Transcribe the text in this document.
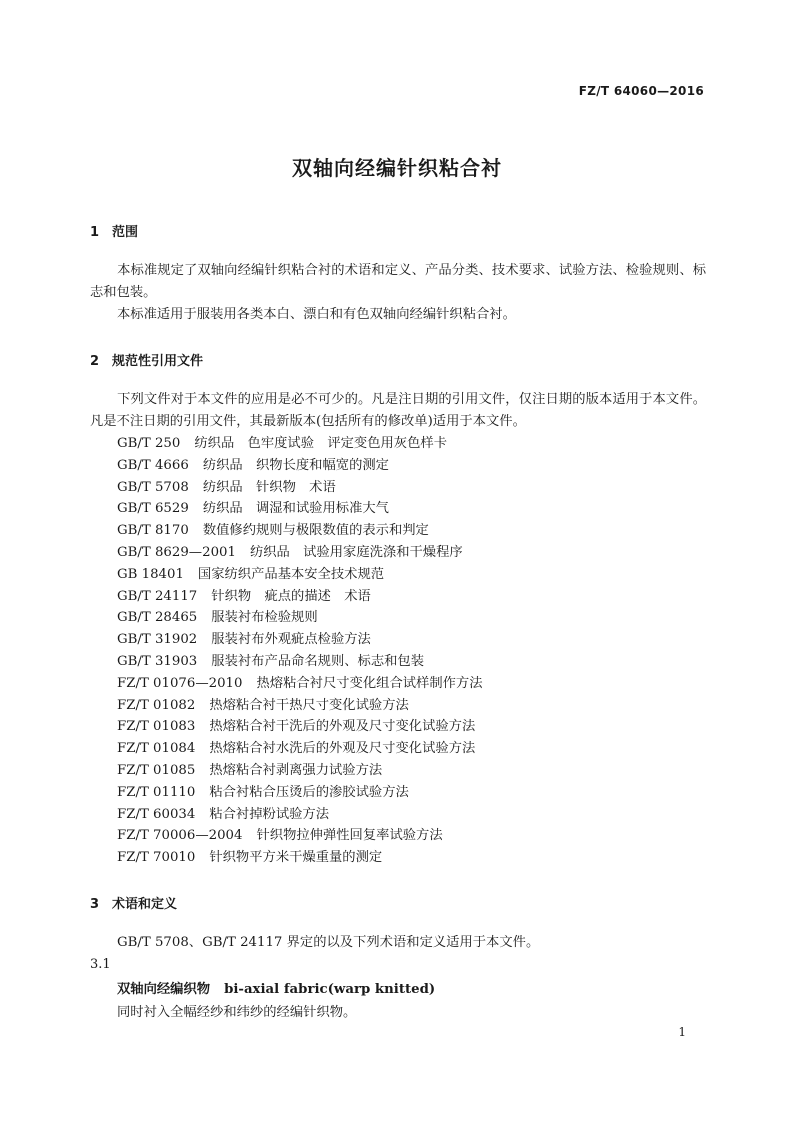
FZ/T 64060—2016
双轴向经编针织粘合衬
1 范围
本标准规定了双轴向经编针织粘合衬的术语和定义、产品分类、技术要求、试验方法、检验规则、标志和包装。
本标准适用于服装用各类本白、漂白和有色双轴向经编针织粘合衬。
2 规范性引用文件
下列文件对于本文件的应用是必不可少的。凡是注日期的引用文件，仅注日期的版本适用于本文件。凡是不注日期的引用文件，其最新版本(包括所有的修改单)适用于本文件。
GB/T 250 纺织品　色牢度试验　评定变色用灰色样卡
GB/T 4666 纺织品　织物长度和幅宽的测定
GB/T 5708 纺织品　针织物　术语
GB/T 6529 纺织品　调湿和试验用标准大气
GB/T 8170 数值修约规则与极限数值的表示和判定
GB/T 8629—2001 纺织品　试验用家庭洗涤和干燥程序
GB 18401 国家纺织产品基本安全技术规范
GB/T 24117 针织物　疵点的描述　术语
GB/T 28465 服装衬布检验规则
GB/T 31902 服装衬布外观疵点检验方法
GB/T 31903 服装衬布产品命名规则、标志和包装
FZ/T 01076—2010 热熔粘合衬尺寸变化组合试样制作方法
FZ/T 01082 热熔粘合衬干热尺寸变化试验方法
FZ/T 01083 热熔粘合衬干洗后的外观及尺寸变化试验方法
FZ/T 01084 热熔粘合衬水洗后的外观及尺寸变化试验方法
FZ/T 01085 热熔粘合衬剥离强力试验方法
FZ/T 01110 粘合衬粘合压烫后的渗胶试验方法
FZ/T 60034 粘合衬掉粉试验方法
FZ/T 70006—2004 针织物拉伸弹性回复率试验方法
FZ/T 70010 针织物平方米干燥重量的测定
3 术语和定义
GB/T 5708、GB/T 24117 界定的以及下列术语和定义适用于本文件。
3.1
双轴向经编织物 bi-axial fabric(warp knitted)
同时衬入全幅经纱和纬纱的经编针织物。
1
